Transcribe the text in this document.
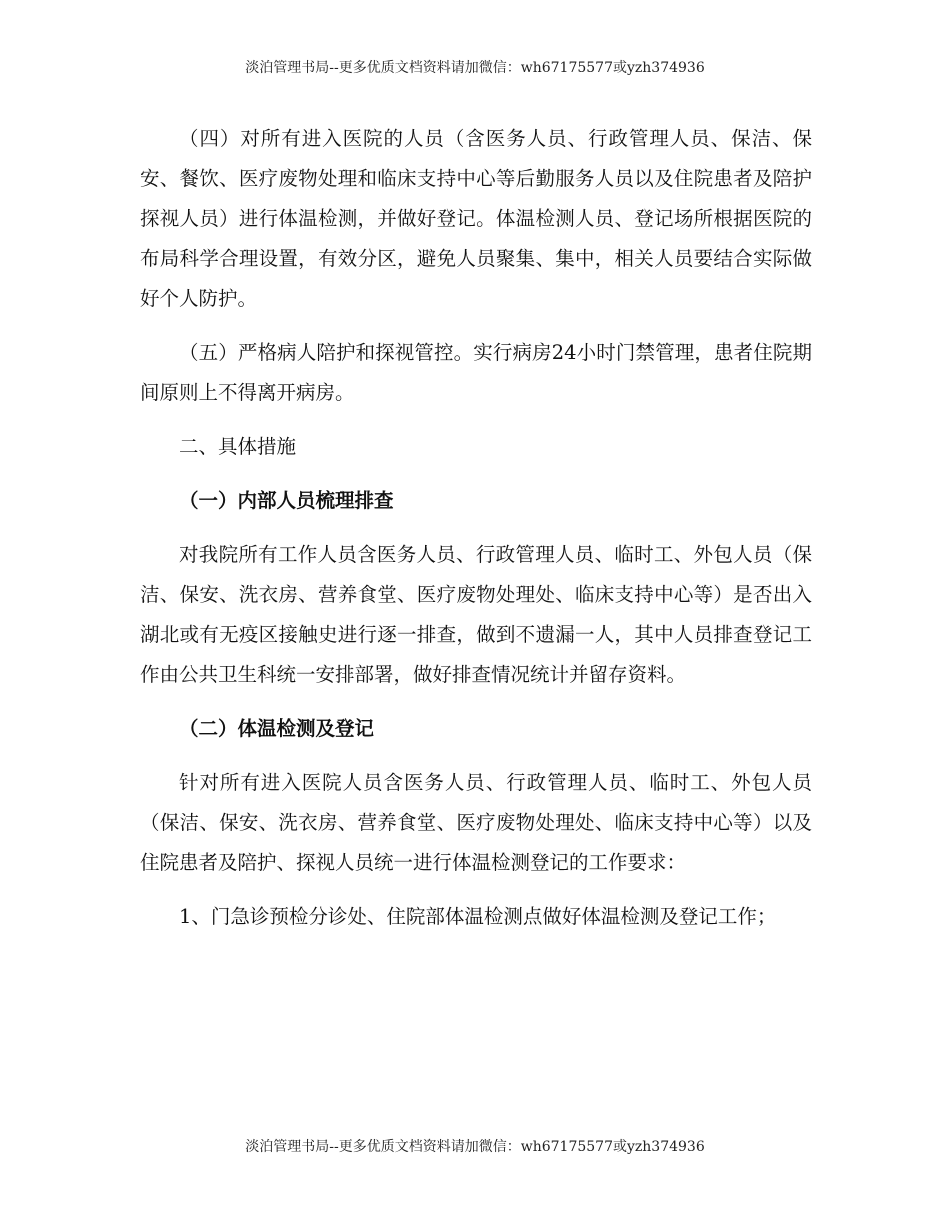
淡泊管理书局--更多优质文档资料请加微信：wh67175577或yzh374936

（四）对所有进入医院的人员（含医务人员、行政管理人员、保洁、保安、餐饮、医疗废物处理和临床支持中心等后勤服务人员以及住院患者及陪护探视人员）进行体温检测，并做好登记。体温检测人员、登记场所根据医院的布局科学合理设置，有效分区，避免人员聚集、集中，相关人员要结合实际做好个人防护。

（五）严格病人陪护和探视管控。实行病房24小时门禁管理，患者住院期间原则上不得离开病房。

二、具体措施

（一）内部人员梳理排查

对我院所有工作人员含医务人员、行政管理人员、临时工、外包人员（保洁、保安、洗衣房、营养食堂、医疗废物处理处、临床支持中心等）是否出入湖北或有无疫区接触史进行逐一排查，做到不遗漏一人，其中人员排查登记工作由公共卫生科统一安排部署，做好排查情况统计并留存资料。

（二）体温检测及登记

针对所有进入医院人员含医务人员、行政管理人员、临时工、外包人员（保洁、保安、洗衣房、营养食堂、医疗废物处理处、临床支持中心等）以及住院患者及陪护、探视人员统一进行体温检测登记的工作要求：

1、门急诊预检分诊处、住院部体温检测点做好体温检测及登记工作；

淡泊管理书局--更多优质文档资料请加微信：wh67175577或yzh374936
